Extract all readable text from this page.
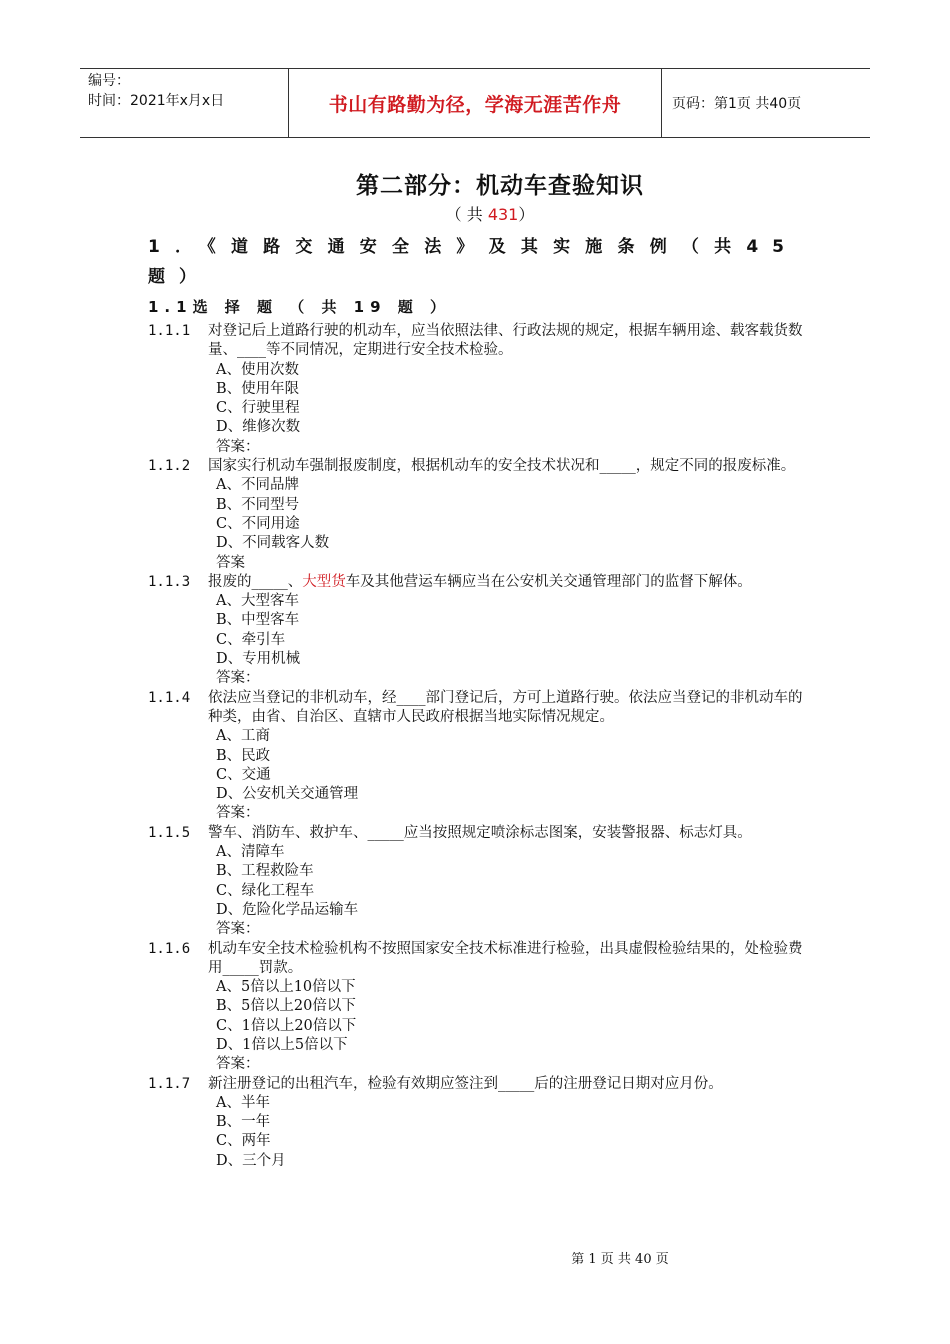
编号：
时间：2021年x月x日	书山有路勤为径，学海无涯苦作舟	页码：第1页 共40页
第二部分：机动车查验知识
（ 共 431）
1．《道路交通安全法》及其实施条例（共45题）
1.1选 择 题 （ 共 19 题 ）
1.1.1	对登记后上道路行驶的机动车，应当依照法律、行政法规的规定，根据车辆用途、载客载货数量、____等不同情况，定期进行安全技术检验。
A、使用次数
B、使用年限
C、行驶里程
D、维修次数
答案：
1.1.2	国家实行机动车强制报废制度，根据机动车的安全技术状况和_____，规定不同的报废标准。
A、不同品牌
B、不同型号
C、不同用途
D、不同载客人数
答案
1.1.3	报废的_____、大型货车及其他营运车辆应当在公安机关交通管理部门的监督下解体。
A、大型客车
B、中型客车
C、牵引车
D、专用机械
答案：
1.1.4	依法应当登记的非机动车，经____部门登记后，方可上道路行驶。依法应当登记的非机动车的种类，由省、自治区、直辖市人民政府根据当地实际情况规定。
A、工商
B、民政
C、交通
D、公安机关交通管理
答案：
1.1.5	警车、消防车、救护车、_____应当按照规定喷涂标志图案，安装警报器、标志灯具。
A、清障车
B、工程救险车
C、绿化工程车
D、危险化学品运输车
答案：
1.1.6	机动车安全技术检验机构不按照国家安全技术标准进行检验，出具虚假检验结果的，处检验费用_____罚款。
A、5倍以上10倍以下
B、5倍以上20倍以下
C、1倍以上20倍以下
D、1倍以上5倍以下
答案：
1.1.7	新注册登记的出租汽车，检验有效期应签注到_____后的注册登记日期对应月份。
A、半年
B、一年
C、两年
D、三个月
第 1 页 共 40 页
